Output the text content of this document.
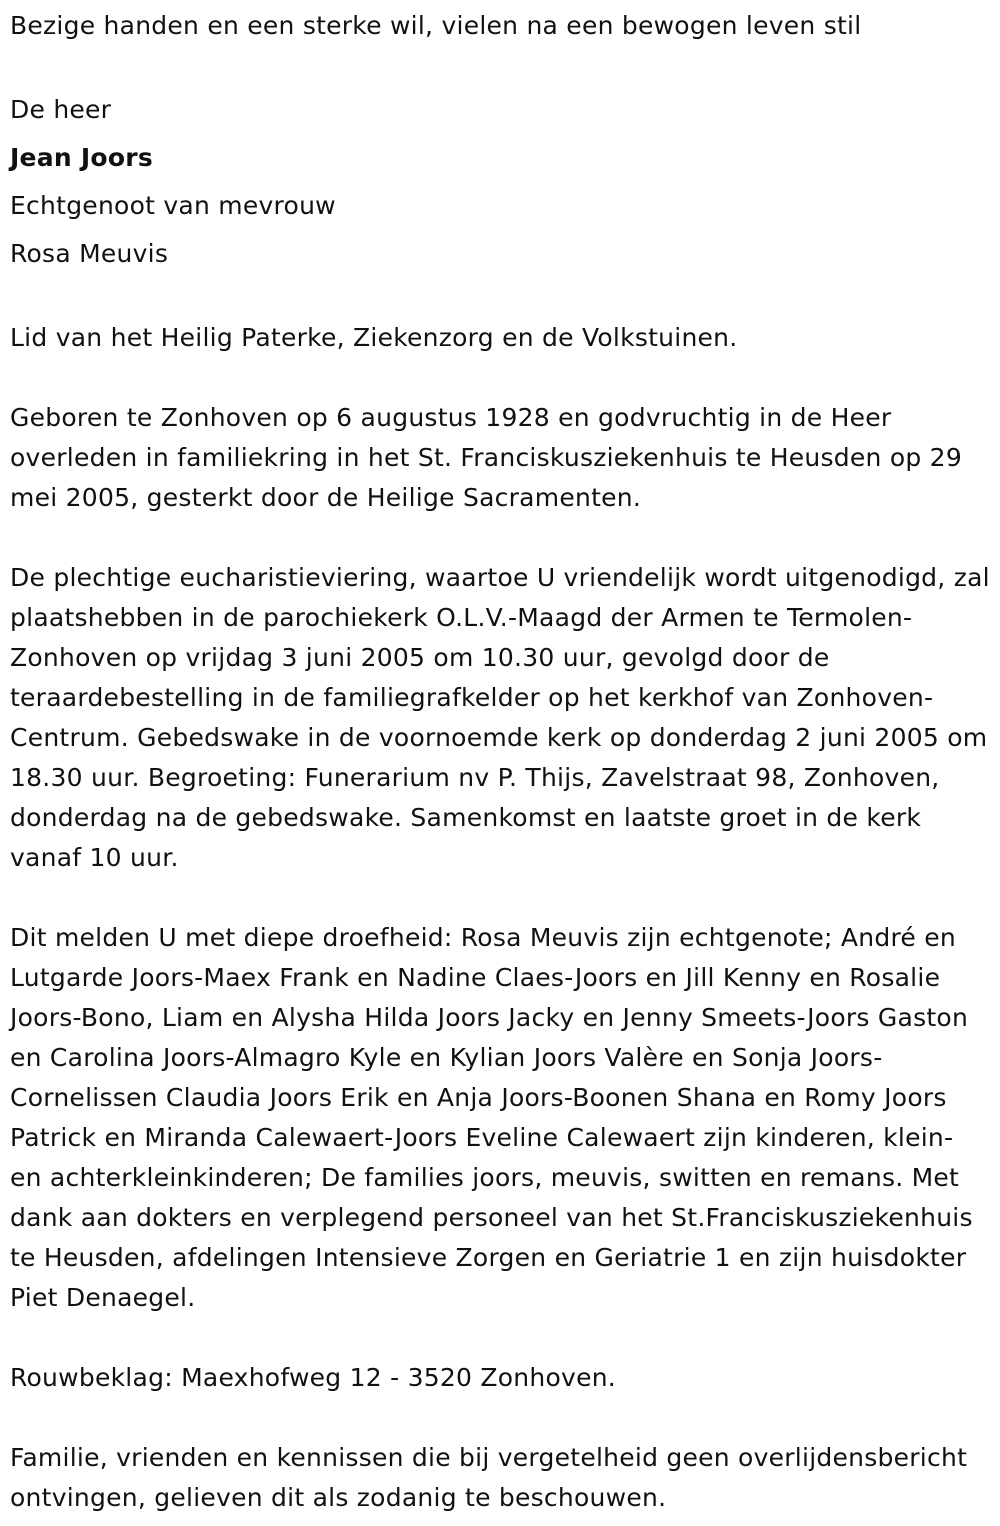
Bezige handen en een sterke wil, vielen na een bewogen leven stil

De heer

Jean Joors

Echtgenoot van mevrouw

Rosa Meuvis

Lid van het Heilig Paterke, Ziekenzorg en de Volkstuinen.

Geboren te Zonhoven op 6 augustus 1928 en godvruchtig in de Heer overleden in familiekring in het St. Franciskusziekenhuis te Heusden op 29 mei 2005, gesterkt door de Heilige Sacramenten.

De plechtige eucharistieviering, waartoe U vriendelijk wordt uitgenodigd, zal plaatshebben in de parochiekerk O.L.V.-Maagd der Armen te Termolen-Zonhoven op vrijdag 3 juni 2005 om 10.30 uur, gevolgd door de teraardebestelling in de familiegrafkelder op het kerkhof van Zonhoven-Centrum. Gebedswake in de voornoemde kerk op donderdag 2 juni 2005 om 18.30 uur. Begroeting: Funerarium nv P. Thijs, Zavelstraat 98, Zonhoven, donderdag na de gebedswake. Samenkomst en laatste groet in de kerk vanaf 10 uur.

Dit melden U met diepe droefheid: Rosa Meuvis zijn echtgenote; André en Lutgarde Joors-Maex Frank en Nadine Claes-Joors en Jill Kenny en Rosalie Joors-Bono, Liam en Alysha Hilda Joors Jacky en Jenny Smeets-Joors Gaston en Carolina Joors-Almagro Kyle en Kylian Joors Valère en Sonja Joors-Cornelissen Claudia Joors Erik en Anja Joors-Boonen Shana en Romy Joors Patrick en Miranda Calewaert-Joors Eveline Calewaert zijn kinderen, klein- en achterkleinkinderen; De families joors, meuvis, switten en remans. Met dank aan dokters en verplegend personeel van het St.Franciskusziekenhuis te Heusden, afdelingen Intensieve Zorgen en Geriatrie 1 en zijn huisdokter Piet Denaegel.

Rouwbeklag: Maexhofweg 12 - 3520 Zonhoven.

Familie, vrienden en kennissen die bij vergetelheid geen overlijdensbericht ontvingen, gelieven dit als zodanig te beschouwen.
